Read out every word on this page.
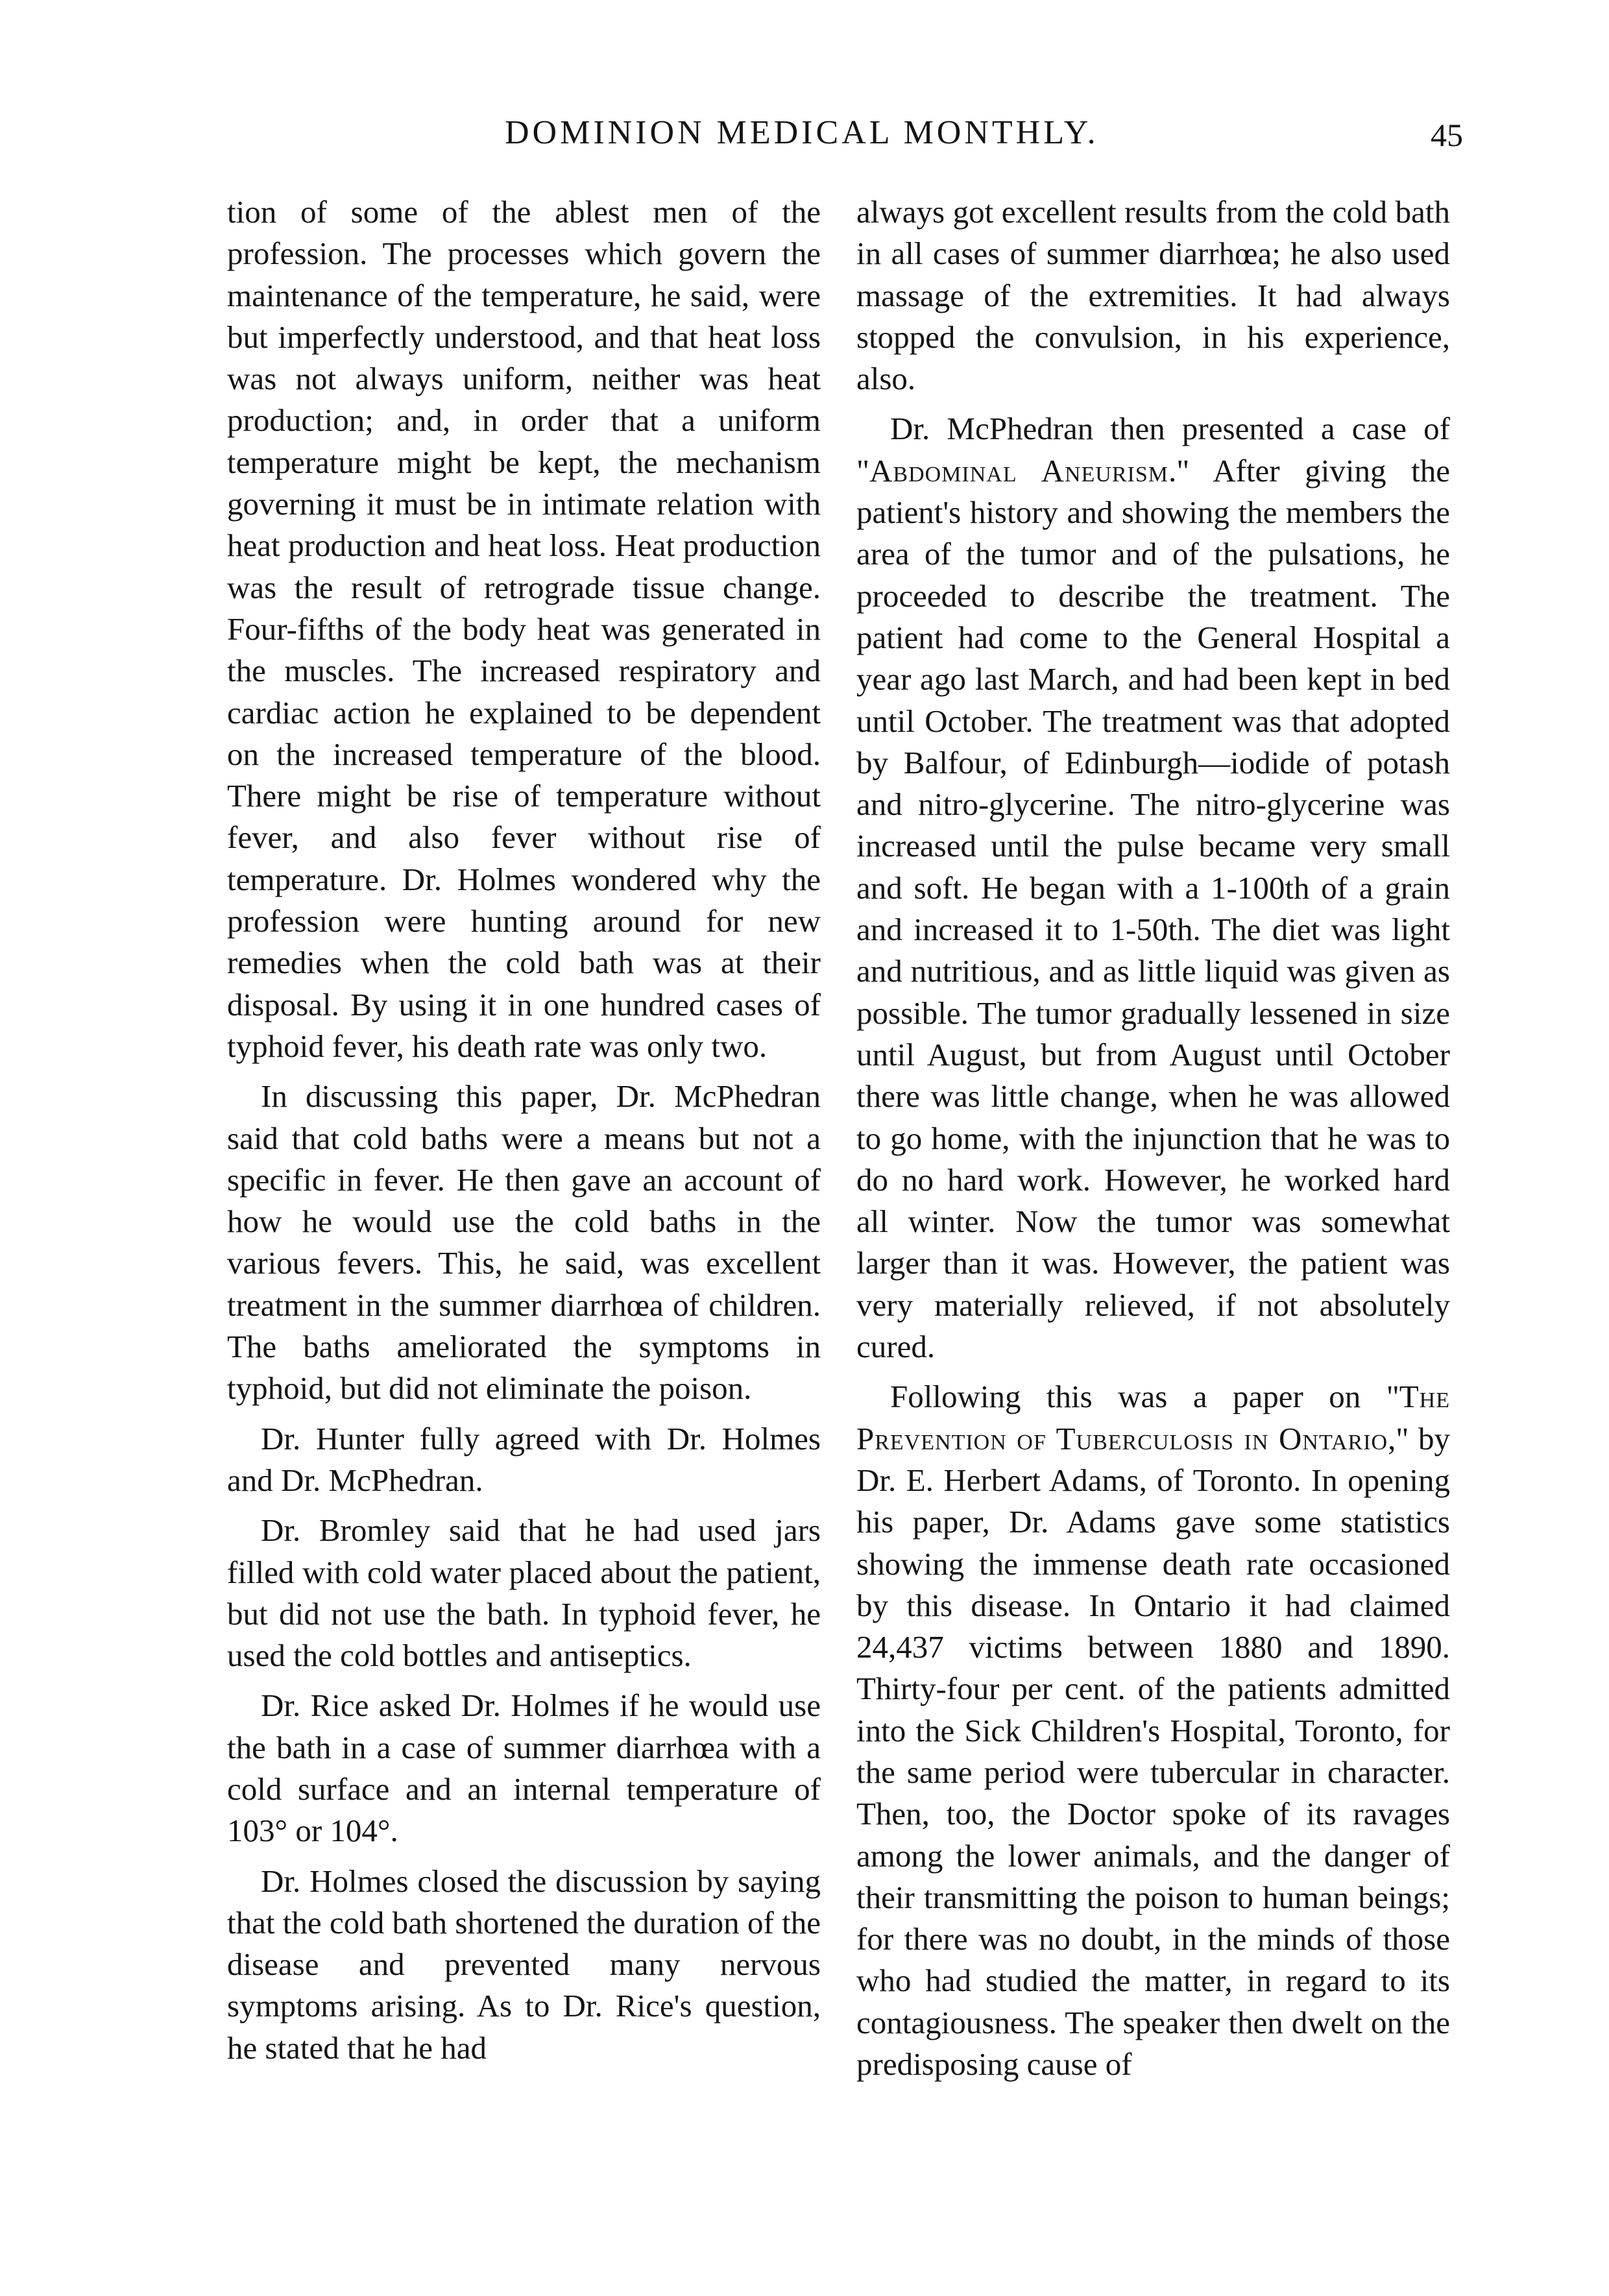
DOMINION MEDICAL MONTHLY.	45

tion of some of the ablest men of the profession. The processes which govern the maintenance of the temperature, he said, were but imperfectly understood, and that heat loss was not always uniform, neither was heat production; and, in order that a uniform temperature might be kept, the mechanism governing it must be in intimate relation with heat production and heat loss. Heat production was the result of retrograde tissue change. Four-fifths of the body heat was generated in the muscles. The increased respiratory and cardiac action he explained to be dependent on the increased temperature of the blood. There might be rise of temperature without fever, and also fever without rise of temperature. Dr. Holmes wondered why the profession were hunting around for new remedies when the cold bath was at their disposal. By using it in one hundred cases of typhoid fever, his death rate was only two.

In discussing this paper, Dr. McPhedran said that cold baths were a means but not a specific in fever. He then gave an account of how he would use the cold baths in the various fevers. This, he said, was excellent treatment in the summer diarrhœa of children. The baths ameliorated the symptoms in typhoid, but did not eliminate the poison.

Dr. Hunter fully agreed with Dr. Holmes and Dr. McPhedran.

Dr. Bromley said that he had used jars filled with cold water placed about the patient, but did not use the bath. In typhoid fever, he used the cold bottles and antiseptics.

Dr. Rice asked Dr. Holmes if he would use the bath in a case of summer diarrhœa with a cold surface and an internal temperature of 103° or 104°.

Dr. Holmes closed the discussion by saying that the cold bath shortened the duration of the disease and prevented many nervous symptoms arising. As to Dr. Rice's question, he stated that he had

always got excellent results from the cold bath in all cases of summer diarrhœa; he also used massage of the extremities. It had always stopped the convulsion, in his experience, also.

Dr. McPhedran then presented a case of "Abdominal Aneurism." After giving the patient's history and showing the members the area of the tumor and of the pulsations, he proceeded to describe the treatment. The patient had come to the General Hospital a year ago last March, and had been kept in bed until October. The treatment was that adopted by Balfour, of Edinburgh—iodide of potash and nitro-glycerine. The nitro-glycerine was increased until the pulse became very small and soft. He began with a 1-100th of a grain and increased it to 1-50th. The diet was light and nutritious, and as little liquid was given as possible. The tumor gradually lessened in size until August, but from August until October there was little change, when he was allowed to go home, with the injunction that he was to do no hard work. However, he worked hard all winter. Now the tumor was somewhat larger than it was. However, the patient was very materially relieved, if not absolutely cured.

Following this was a paper on "The Prevention of Tuberculosis in Ontario," by Dr. E. Herbert Adams, of Toronto. In opening his paper, Dr. Adams gave some statistics showing the immense death rate occasioned by this disease. In Ontario it had claimed 24,437 victims between 1880 and 1890. Thirty-four per cent. of the patients admitted into the Sick Children's Hospital, Toronto, for the same period were tubercular in character. Then, too, the Doctor spoke of its ravages among the lower animals, and the danger of their transmitting the poison to human beings; for there was no doubt, in the minds of those who had studied the matter, in regard to its contagiousness. The speaker then dwelt on the predisposing cause of
